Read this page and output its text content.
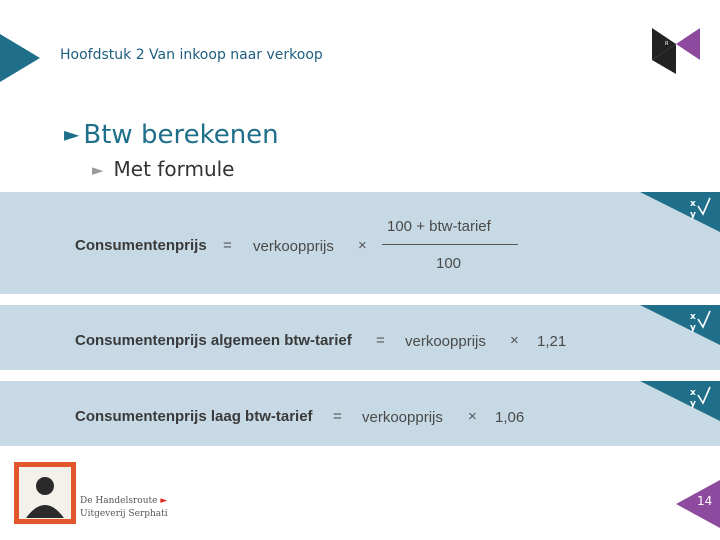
Hoofdstuk 2 Van inkoop naar verkoop
R
3
► Btw berekenen
► Met formule
Consumentenprijs = verkoopprijs ×
100 + btw-tarief
100
x
y
Consumentenprijs algemeen btw-tarief = verkoopprijs × 1,21
x
y
Consumentenprijs laag btw-tarief = verkoopprijs × 1,06
x
y
De Handelsroute ►
Uitgeverij Serphati
14
